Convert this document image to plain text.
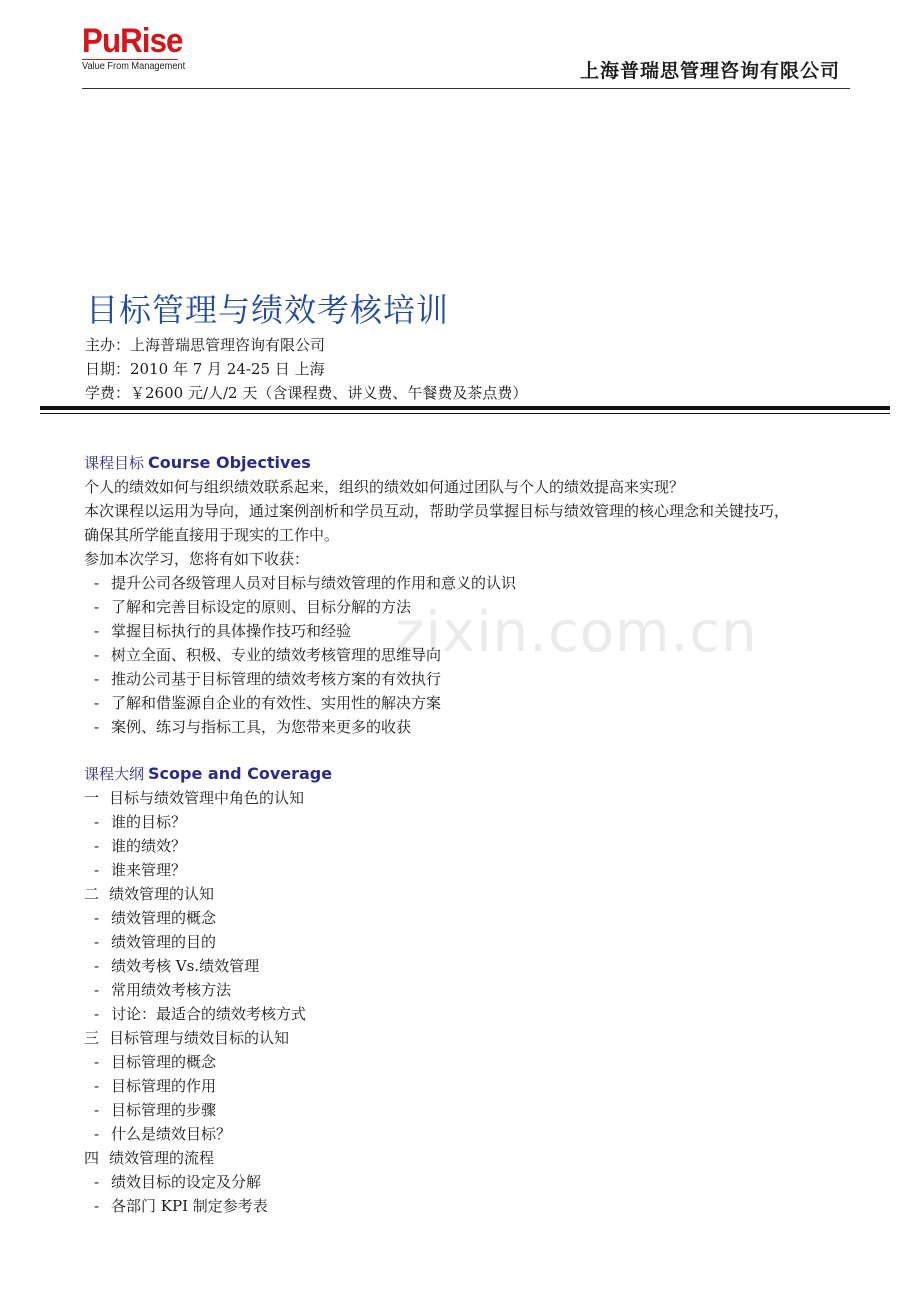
PuRise
Value From Management	上海普瑞思管理咨询有限公司
目标管理与绩效考核培训
主办：上海普瑞思管理咨询有限公司
日期：2010 年 7 月 24-25 日 上海
学费：￥2600 元/人/2 天（含课程费、讲义费、午餐费及茶点费）
zixin.com.cn
课程目标 Course Objectives
个人的绩效如何与组织绩效联系起来，组织的绩效如何通过团队与个人的绩效提高来实现？
本次课程以运用为导向，通过案例剖析和学员互动，帮助学员掌握目标与绩效管理的核心理念和关键技巧，
确保其所学能直接用于现实的工作中。
参加本次学习，您将有如下收获：
- 提升公司各级管理人员对目标与绩效管理的作用和意义的认识
- 了解和完善目标设定的原则、目标分解的方法
- 掌握目标执行的具体操作技巧和经验
- 树立全面、积极、专业的绩效考核管理的思维导向
- 推动公司基于目标管理的绩效考核方案的有效执行
- 了解和借鉴源自企业的有效性、实用性的解决方案
- 案例、练习与指标工具，为您带来更多的收获
课程大纲 Scope and Coverage
一 目标与绩效管理中角色的认知
- 谁的目标？
- 谁的绩效？
- 谁来管理？
二 绩效管理的认知
- 绩效管理的概念
- 绩效管理的目的
- 绩效考核 Vs.绩效管理
- 常用绩效考核方法
- 讨论：最适合的绩效考核方式
三 目标管理与绩效目标的认知
- 目标管理的概念
- 目标管理的作用
- 目标管理的步骤
- 什么是绩效目标？
四 绩效管理的流程
- 绩效目标的设定及分解
- 各部门 KPI 制定参考表
